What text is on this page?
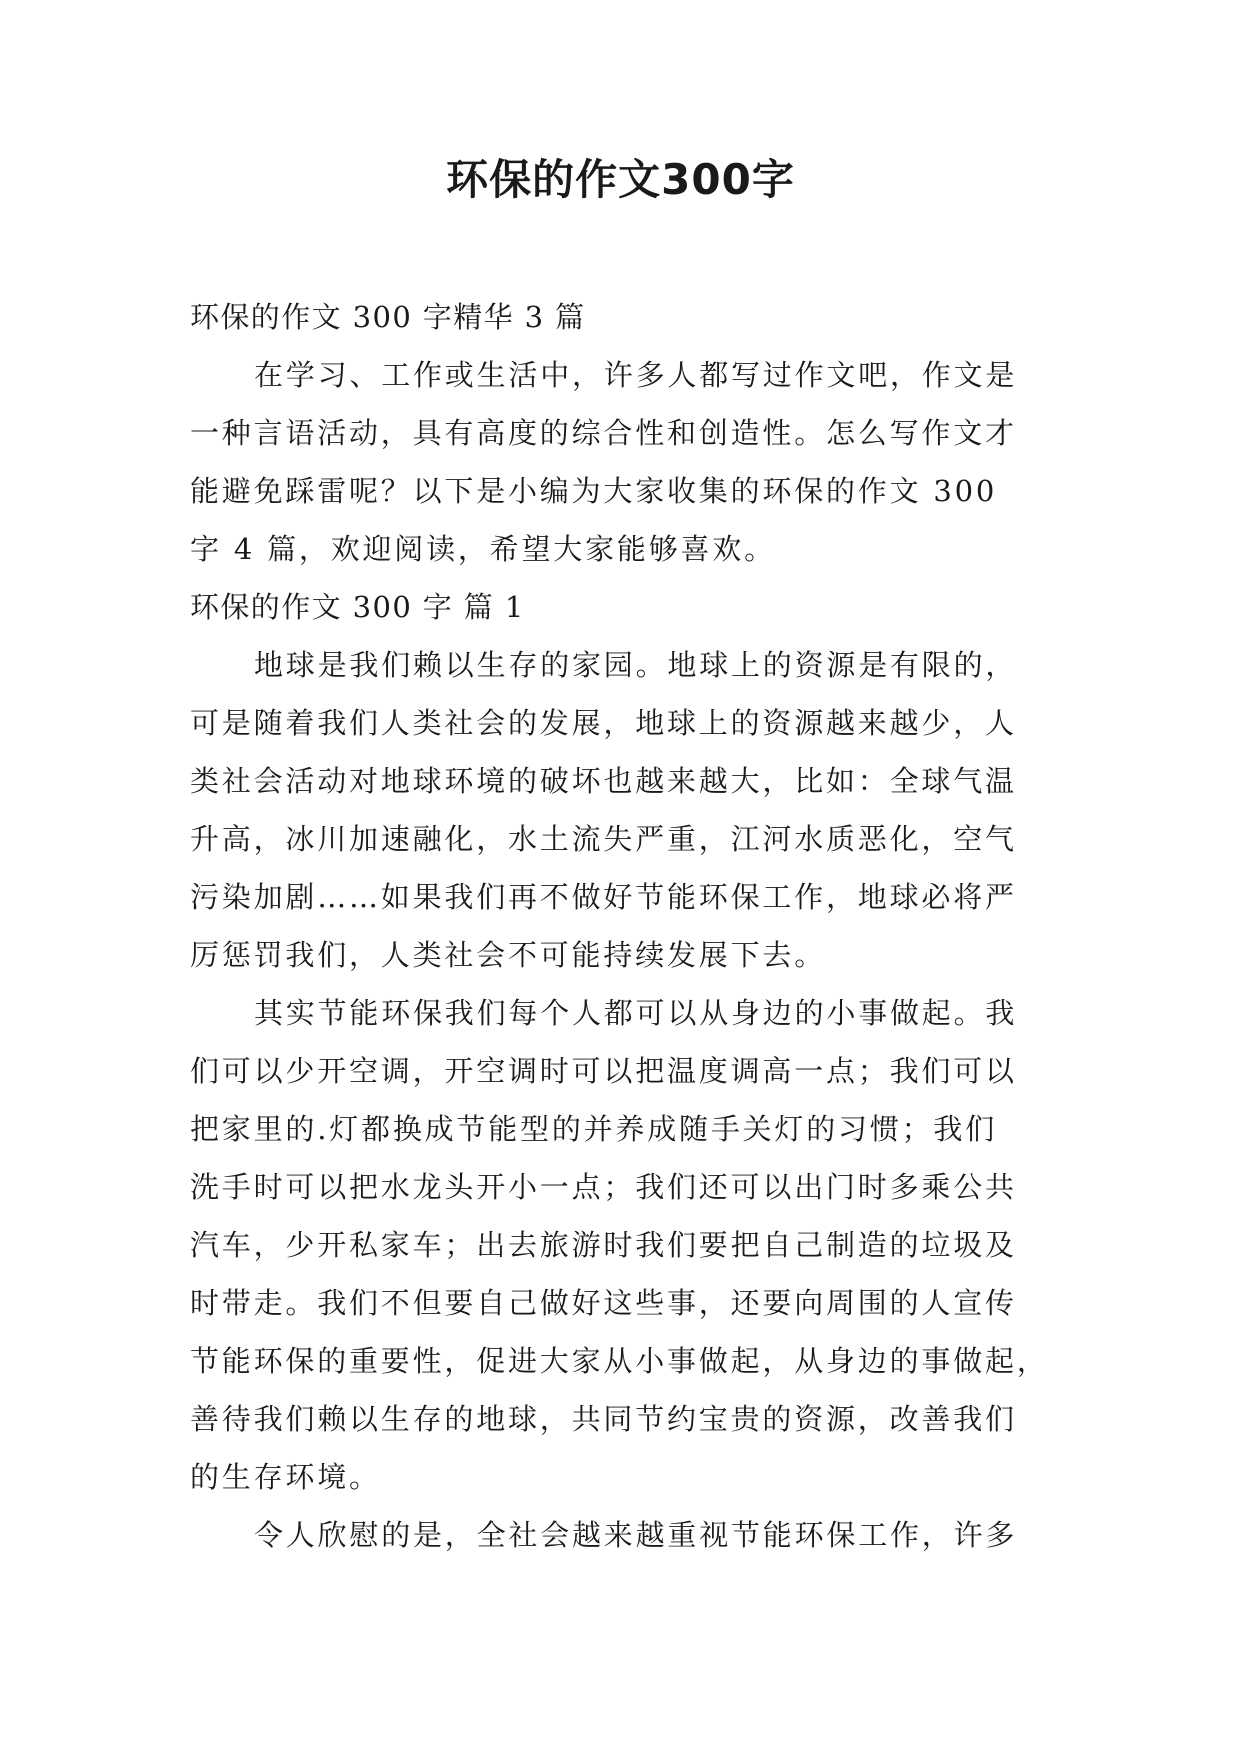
环保的作文300字

环保的作文 300 字精华 3 篇

在学习、工作或生活中，许多人都写过作文吧，作文是

一种言语活动，具有高度的综合性和创造性。怎么写作文才

能避免踩雷呢？以下是小编为大家收集的环保的作文 300

字 4 篇，欢迎阅读，希望大家能够喜欢。

环保的作文 300 字 篇 1

地球是我们赖以生存的家园。地球上的资源是有限的，

可是随着我们人类社会的发展，地球上的资源越来越少，人

类社会活动对地球环境的破坏也越来越大，比如：全球气温

升高，冰川加速融化，水土流失严重，江河水质恶化，空气

污染加剧……如果我们再不做好节能环保工作，地球必将严

厉惩罚我们，人类社会不可能持续发展下去。

其实节能环保我们每个人都可以从身边的小事做起。我

们可以少开空调，开空调时可以把温度调高一点；我们可以

把家里的.灯都换成节能型的并养成随手关灯的习惯；我们

洗手时可以把水龙头开小一点；我们还可以出门时多乘公共

汽车，少开私家车；出去旅游时我们要把自己制造的垃圾及

时带走。我们不但要自己做好这些事，还要向周围的人宣传

节能环保的重要性，促进大家从小事做起，从身边的事做起，

善待我们赖以生存的地球，共同节约宝贵的资源，改善我们

的生存环境。

令人欣慰的是，全社会越来越重视节能环保工作，许多
